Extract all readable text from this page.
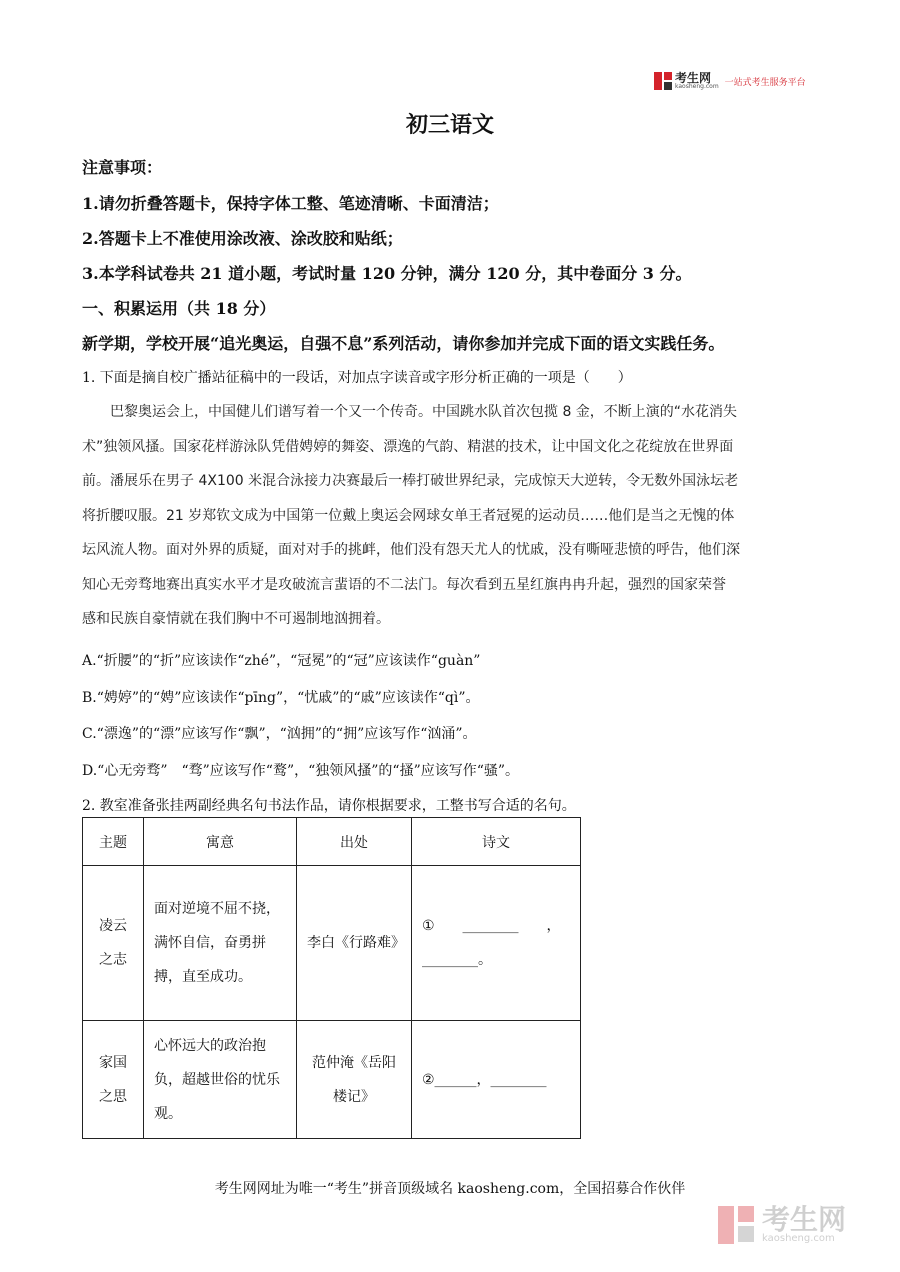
考生网
kaosheng.com 一站式考生服务平台
初三语文
注意事项：
1.请勿折叠答题卡，保持字体工整、笔迹清晰、卡面清洁；
2.答题卡上不准使用涂改液、涂改胶和贴纸；
3.本学科试卷共 21 道小题，考试时量 120 分钟，满分 120 分，其中卷面分 3 分。
一、积累运用（共 18 分）
新学期，学校开展“追光奥运，自强不息”系列活动，请你参加并完成下面的语文实践任务。
1. 下面是摘自校广播站征稿中的一段话，对加点字读音或字形分析正确的一项是（　　）

巴黎奥运会上，中国健儿们谱写着一个又一个传奇。中国跳水队首次包揽 8 金，不断上演的“水花消失

术”独领风搔。国家花样游泳队凭借娉婷的舞姿、漂逸的气韵、精湛的技术，让中国文化之花绽放在世界面

前。潘展乐在男子 4X100 米混合泳接力决赛最后一棒打破世界纪录，完成惊天大逆转，令无数外国泳坛老

将折腰叹服。21 岁郑钦文成为中国第一位戴上奥运会网球女单王者冠冕的运动员……他们是当之无愧的体

坛风流人物。面对外界的质疑，面对对手的挑衅，他们没有怨天尤人的忧戚，没有嘶哑悲愤的呼告，他们深

知心无旁骛地赛出真实水平才是攻破流言蜚语的不二法门。每次看到五星红旗冉冉升起，强烈的国家荣誉

感和民族自豪情就在我们胸中不可遏制地汹拥着。

A.“折腰”的“折”应该读作“zhé”，“冠冕”的“冠”应该读作“guàn”
B.“娉婷”的“娉”应该读作“pīng”，“忧戚”的“戚”应该读作“qì”。
C.“漂逸”的“漂”应该写作“飘”，“汹拥”的“拥”应该写作“汹涌”。
D.“心无旁骛”　“骛”应该写作“鹜”，“独领风搔”的“搔”应该写作“骚”。
2. 教室准备张挂两副经典名句书法作品，请你根据要求，工整书写合适的名句。
主题	寓意	出处	诗文

凌云之志	面对逆境不屈不挠，满怀自信，奋勇拼搏，直至成功。	李白《行路难》	①　　________　　，
________。

家国之思	心怀远大的政治抱负，超越世俗的忧乐观。	范仲淹《岳阳楼记》	②______，________
考生网网址为唯一“考生”拼音顶级域名 kaosheng.com，全国招募合作伙伴
考生网
kaosheng.com
